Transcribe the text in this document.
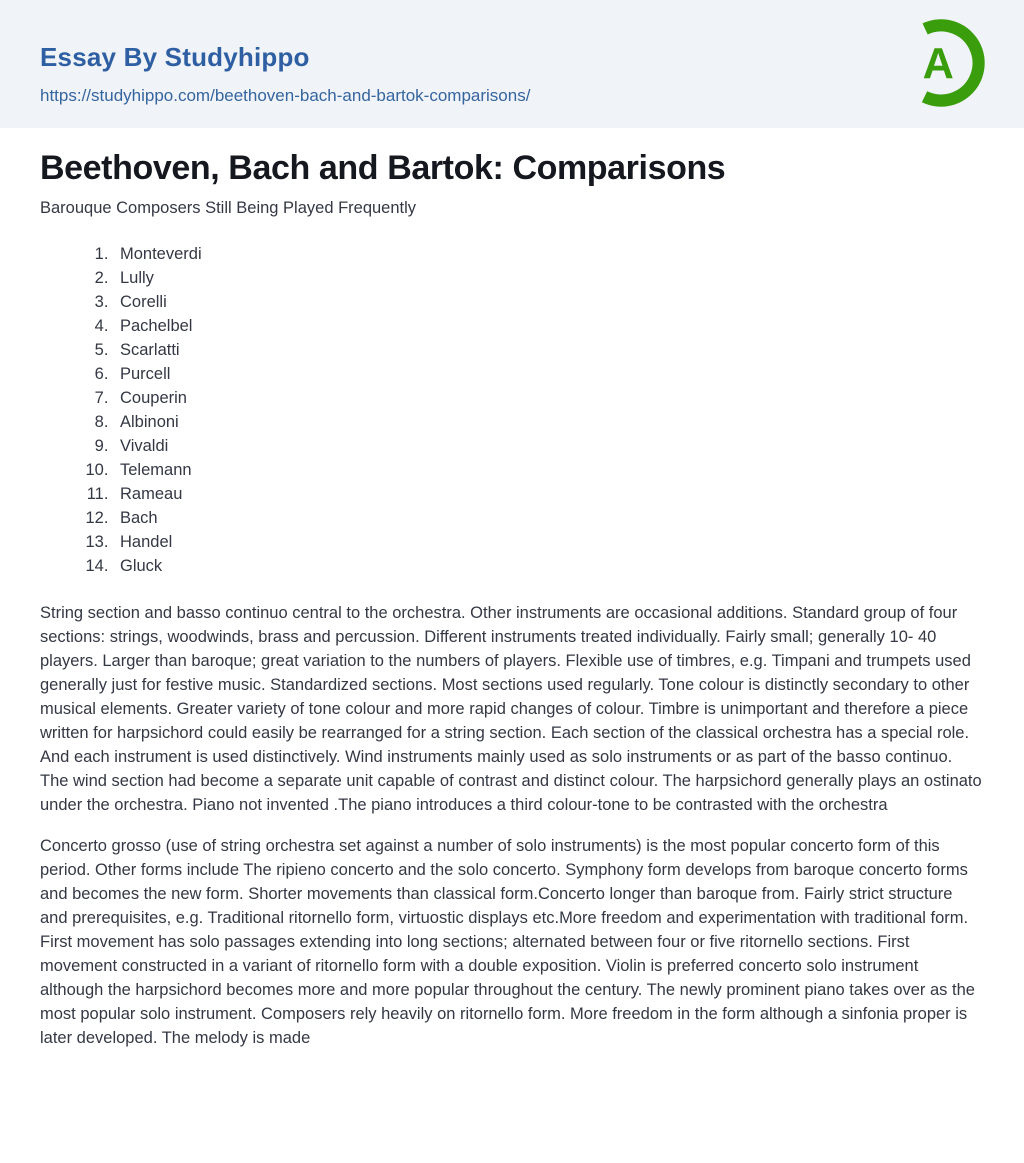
Essay By Studyhippo
https://studyhippo.com/beethoven-bach-and-bartok-comparisons/
A
Beethoven, Bach and Bartok: Comparisons

Barouque Composers Still Being Played Frequently

1. Monteverdi
2. Lully
3. Corelli
4. Pachelbel
5. Scarlatti
6. Purcell
7. Couperin
8. Albinoni
9. Vivaldi
10. Telemann
11. Rameau
12. Bach
13. Handel
14. Gluck

String section and basso continuo central to the orchestra. Other instruments are occasional additions. Standard group of four sections: strings, woodwinds, brass and percussion. Different instruments treated individually. Fairly small; generally 10- 40 players. Larger than baroque; great variation to the numbers of players. Flexible use of timbres, e.g. Timpani and trumpets used generally just for festive music. Standardized sections. Most sections used regularly. Tone colour is distinctly secondary to other musical elements. Greater variety of tone colour and more rapid changes of colour. Timbre is unimportant and therefore a piece written for harpsichord could easily be rearranged for a string section. Each section of the classical orchestra has a special role. And each instrument is used distinctively. Wind instruments mainly used as solo instruments or as part of the basso continuo. The wind section had become a separate unit capable of contrast and distinct colour. The harpsichord generally plays an ostinato under the orchestra. Piano not invented .The piano introduces a third colour-tone to be contrasted with the orchestra

Concerto grosso (use of string orchestra set against a number of solo instruments) is the most popular concerto form of this period. Other forms include The ripieno concerto and the solo concerto. Symphony form develops from baroque concerto forms and becomes the new form. Shorter movements than classical form.Concerto longer than baroque from. Fairly strict structure and prerequisites, e.g. Traditional ritornello form, virtuostic displays etc.More freedom and experimentation with traditional form. First movement has solo passages extending into long sections; alternated between four or five ritornello sections. First movement constructed in a variant of ritornello form with a double exposition. Violin is preferred concerto solo instrument although the harpsichord becomes more and more popular throughout the century. The newly prominent piano takes over as the most popular solo instrument. Composers rely heavily on ritornello form. More freedom in the form although a sinfonia proper is later developed. The melody is made
